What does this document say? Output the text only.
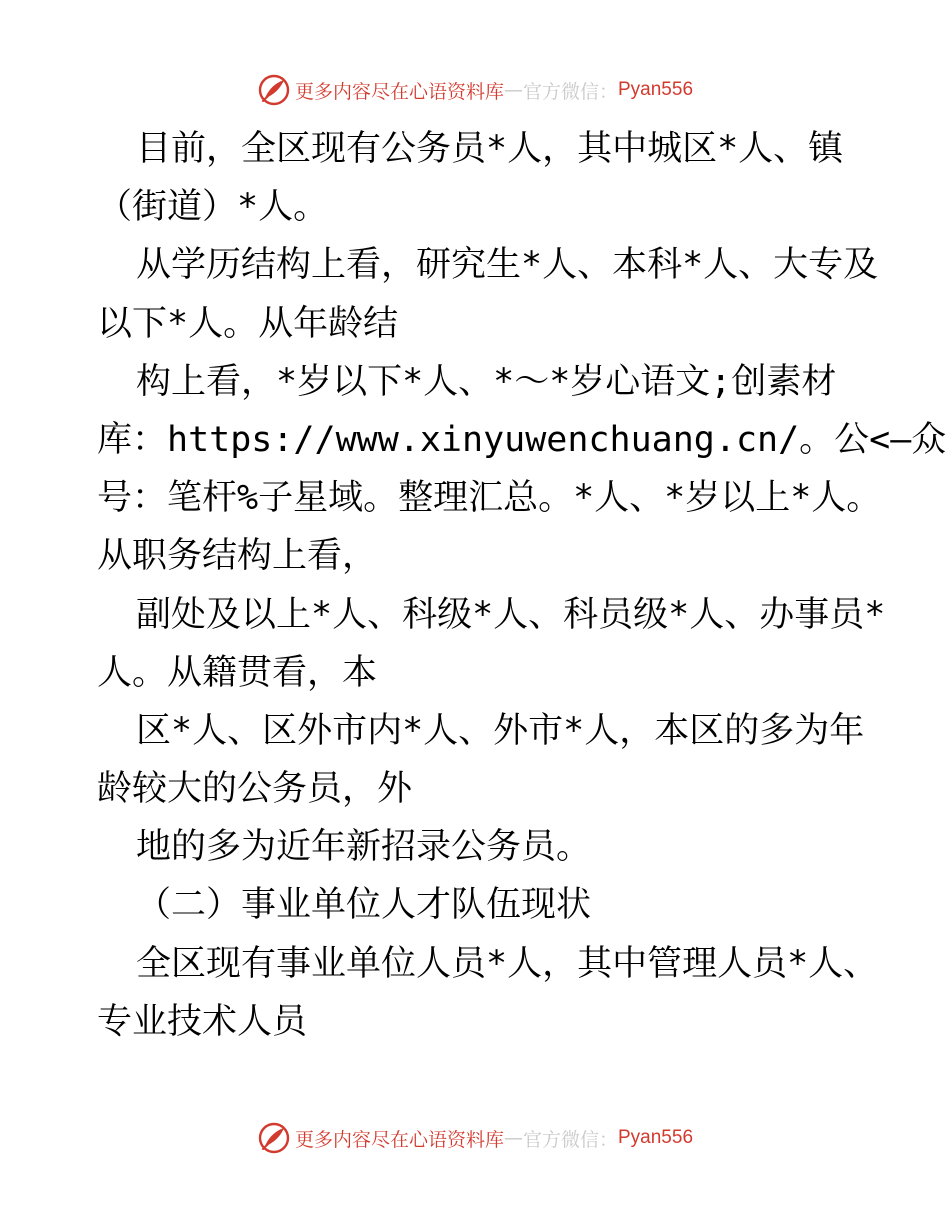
更多内容尽在心语资料库 — 官方微信： Pyan556
目前，全区现有公务员*人，其中城区*人、镇
（街道）*人。
从学历结构上看，研究生*人、本科*人、大专及
以下*人。从年龄结
构上看，*岁以下*人、*～*岁心语文;创素材
库：https://www.xinyuwenchuang.cn/。公<—众
号：笔杆%子星域。整理汇总。*人、*岁以上*人。
从职务结构上看，
副处及以上*人、科级*人、科员级*人、办事员*
人。从籍贯看，本
区*人、区外市内*人、外市*人，本区的多为年
龄较大的公务员，外
地的多为近年新招录公务员。
（二）事业单位人才队伍现状
全区现有事业单位人员*人，其中管理人员*人、
专业技术人员
更多内容尽在心语资料库 — 官方微信： Pyan556
